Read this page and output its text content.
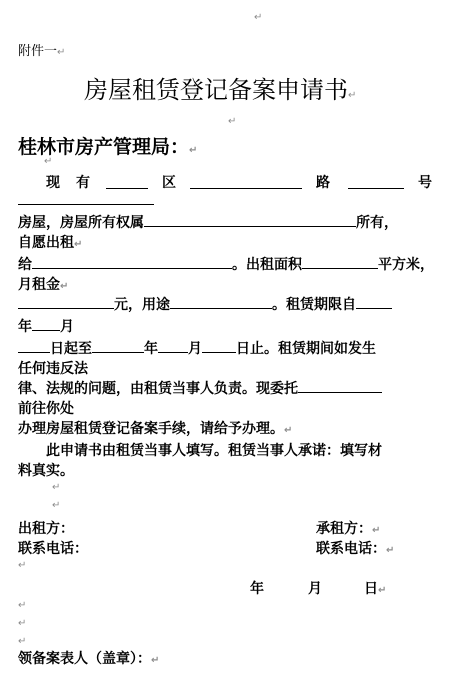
↵
附件一↵
房屋租赁登记备案申请书↵
↵
桂林市房产管理局：↵
↵
现 有	区	路	号
房屋，房屋所有权属	所有，
自愿出租↵
给	。出租面积	平方米，
月租金↵
元，用途	。租赁期限自
年 月
日起至	年 月 日止。租赁期间如发生
任何违反法
律、法规的问题，由租赁当事人负责。现委托
前往你处
办理房屋租赁登记备案手续，请给予办理。↵
此申请书由租赁当事人填写。租赁当事人承诺：填写材
料真实。
↵
↵
出租方：	承租方：↵
联系电话：	联系电话：↵
↵
年	月	日↵
↵
↵
↵
领备案表人（盖章）：↵
